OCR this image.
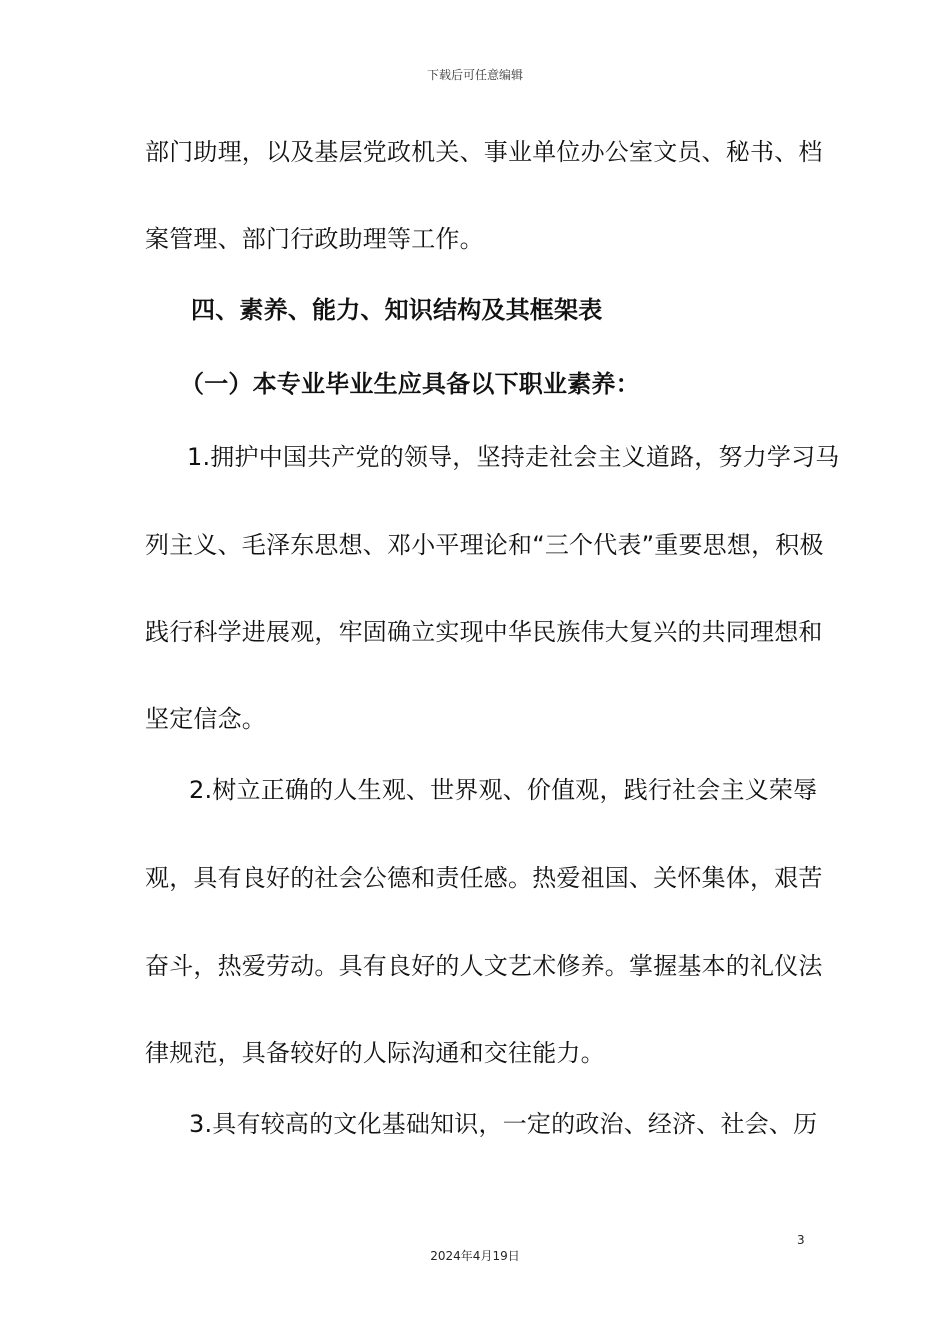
下载后可任意编辑
部门助理，以及基层党政机关、事业单位办公室文员、秘书、档
案管理、部门行政助理等工作。
四、素养、能力、知识结构及其框架表
（一）本专业毕业生应具备以下职业素养：
1.拥护中国共产党的领导，坚持走社会主义道路，努力学习马
列主义、毛泽东思想、邓小平理论和“三个代表”重要思想，积极
践行科学进展观，牢固确立实现中华民族伟大复兴的共同理想和
坚定信念。
2.树立正确的人生观、世界观、价值观，践行社会主义荣辱
观，具有良好的社会公德和责任感。热爱祖国、关怀集体，艰苦
奋斗，热爱劳动。具有良好的人文艺术修养。掌握基本的礼仪法
律规范，具备较好的人际沟通和交往能力。
3.具有较高的文化基础知识，一定的政治、经济、社会、历
3
2024年4月19日
